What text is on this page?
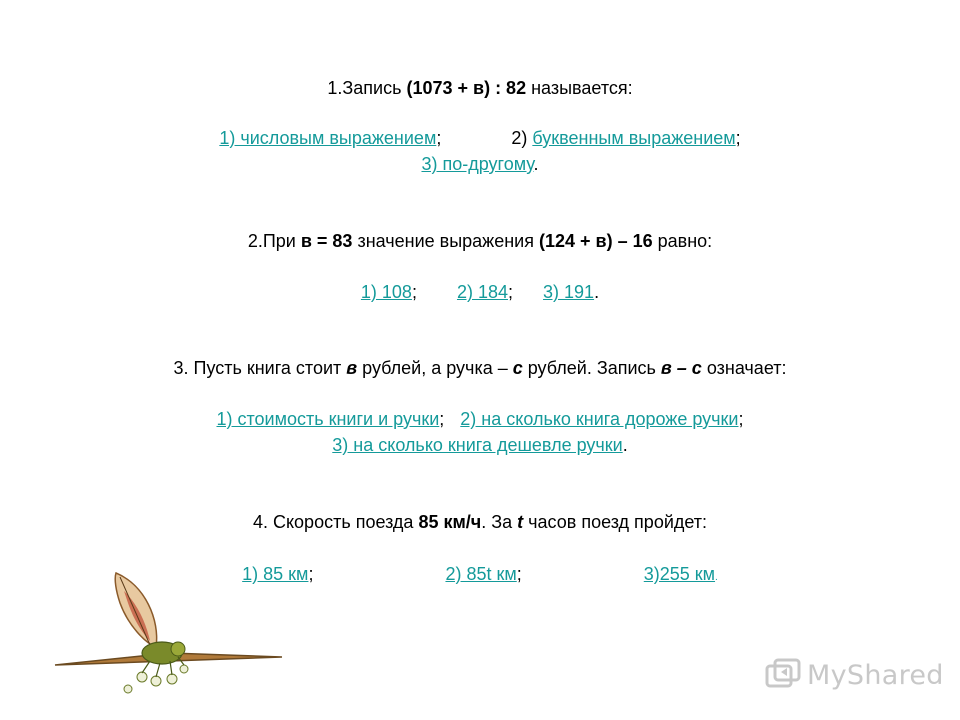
1.Запись (1073 + в) : 82 называется:
1) числовым выражением;	2) буквенным выражением;
3) по-другому.
2.При в = 83 значение выражения (124 + в) – 16 равно:
1) 108; 2) 184; 3) 191.
3. Пусть книга стоит в рублей, а ручка – с рублей. Запись в – с означает:
1) стоимость книги и ручки; 2) на сколько книга дороже ручки;
3) на сколько книга дешевле ручки.
4. Скорость поезда 85 км/ч. За t часов поезд пройдет:
1) 85 км;	2) 85t км;	3)255 км.
MyShared
